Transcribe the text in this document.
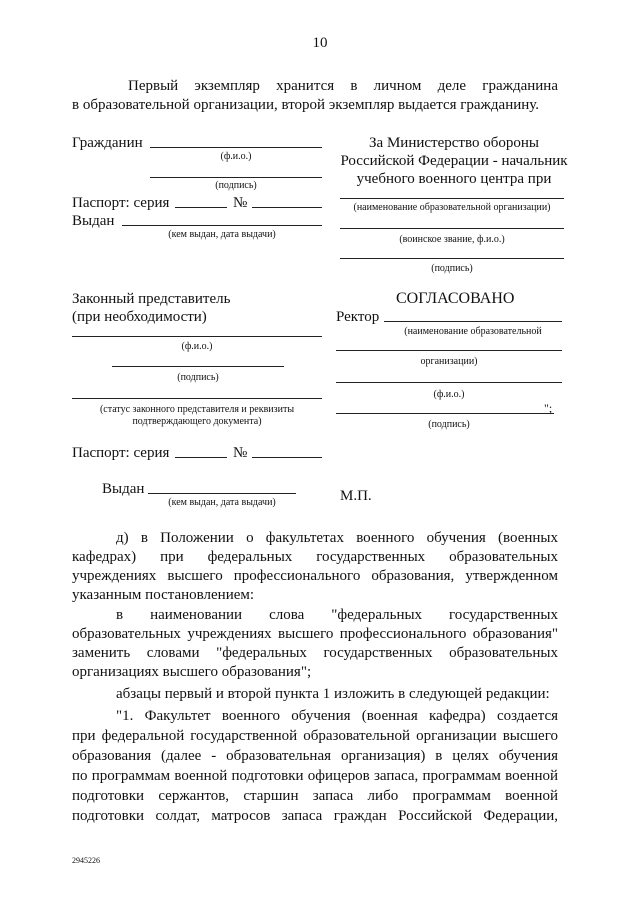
10
Первый экземпляр хранится в личном деле гражданина
в образовательной организации, второй экземпляр выдается гражданину.
Гражданин
(ф.и.о.)
(подпись)
Паспорт: серия	№
Выдан
(кем выдан, дата выдачи)
За Министерство обороны
Российской Федерации - начальник
учебного военного центра при
(наименование образовательной организации)
(воинское звание, ф.и.о.)
(подпись)
Законный представитель
(при необходимости)
(ф.и.о.)
(подпись)
(статус законного представителя и реквизиты
подтверждающего документа)
Паспорт: серия	№
Выдан
(кем выдан, дата выдачи)
СОГЛАСОВАНО
Ректор
(наименование образовательной
организации)
(ф.и.о.)
";
(подпись)
М.П.
д) в Положении о факультетах военного обучения (военных
кафедрах) при федеральных государственных образовательных
учреждениях высшего профессионального образования, утвержденном
указанным постановлением:
в наименовании слова "федеральных государственных
образовательных учреждениях высшего профессионального образования"
заменить словами "федеральных государственных образовательных
организациях высшего образования";
абзацы первый и второй пункта 1 изложить в следующей редакции:
"1. Факультет военного обучения (военная кафедра) создается
при федеральной государственной образовательной организации высшего
образования (далее - образовательная организация) в целях обучения
по программам военной подготовки офицеров запаса, программам военной
подготовки сержантов, старшин запаса либо программам военной
подготовки солдат, матросов запаса граждан Российской Федерации,
2945226
